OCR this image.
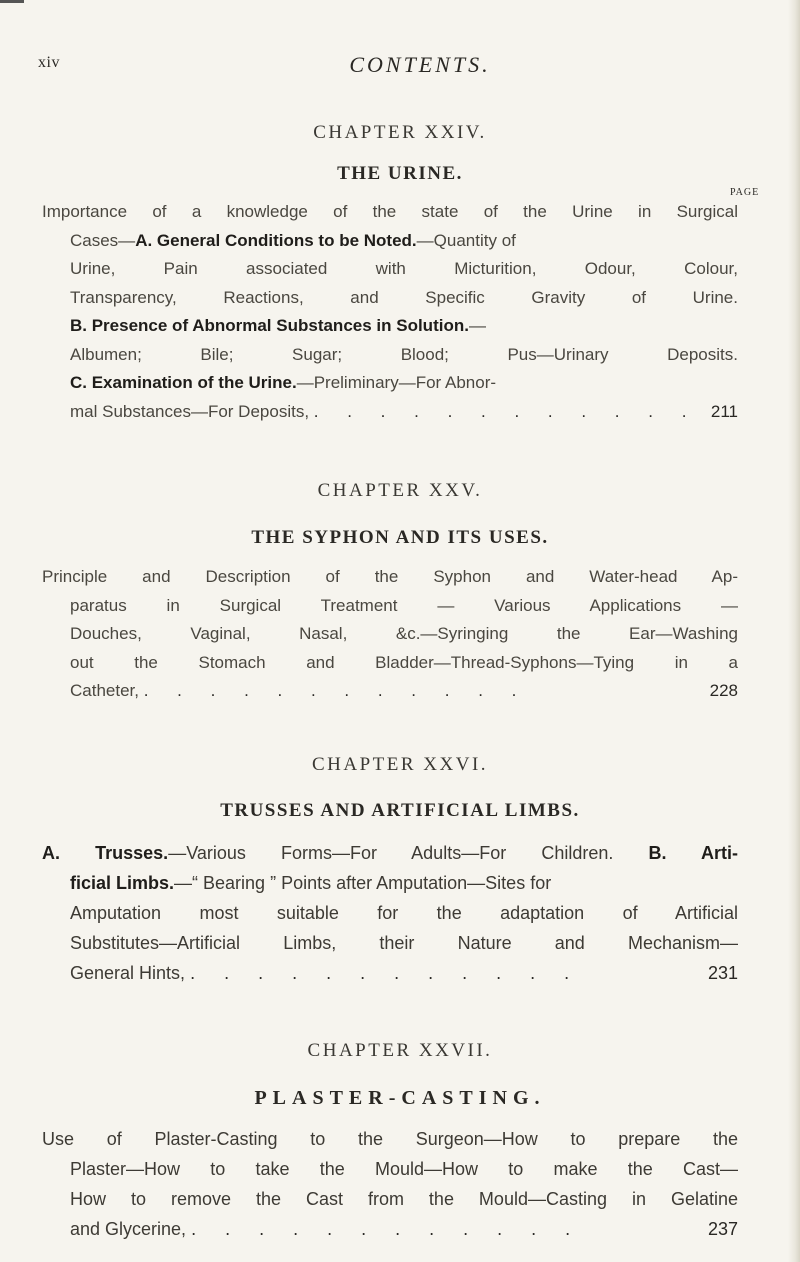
xiv	CONTENTS.
PAGE
CHAPTER XXIV.
THE URINE.
Importance of a knowledge of the state of the Urine in Surgical
Cases—A. General Conditions to be Noted.—Quantity of
Urine, Pain associated with Micturition, Odour, Colour,
Transparency, Reactions, and Specific Gravity of Urine.
B. Presence of Abnormal Substances in Solution.—
Albumen; Bile; Sugar; Blood; Pus—Urinary Deposits.
C. Examination of the Urine.—Preliminary—For Abnor-
mal Substances—For Deposits, . . . . . . . . . . . . 211
CHAPTER XXV.
THE SYPHON AND ITS USES.
Principle and Description of the Syphon and Water-head Ap-
paratus in Surgical Treatment — Various Applications —
Douches, Vaginal, Nasal, &c.—Syringing the Ear—Washing
out the Stomach and Bladder—Thread-Syphons—Tying in a
Catheter, . . . . . . . . . . . .	228
CHAPTER XXVI.
TRUSSES AND ARTIFICIAL LIMBS.
A. Trusses.—Various Forms—For Adults—For Children. B. Arti-
ficial Limbs.—“ Bearing ” Points after Amputation—Sites for
Amputation most suitable for the adaptation of Artificial
Substitutes—Artificial Limbs, their Nature and Mechanism—
General Hints, . . . . . . . . . . . .	231
CHAPTER XXVII.
PLASTER-CASTING.
Use of Plaster-Casting to the Surgeon—How to prepare the
Plaster—How to take the Mould—How to make the Cast—
How to remove the Cast from the Mould—Casting in Gelatine
and Glycerine, . . . . . . . . . . . .	237
